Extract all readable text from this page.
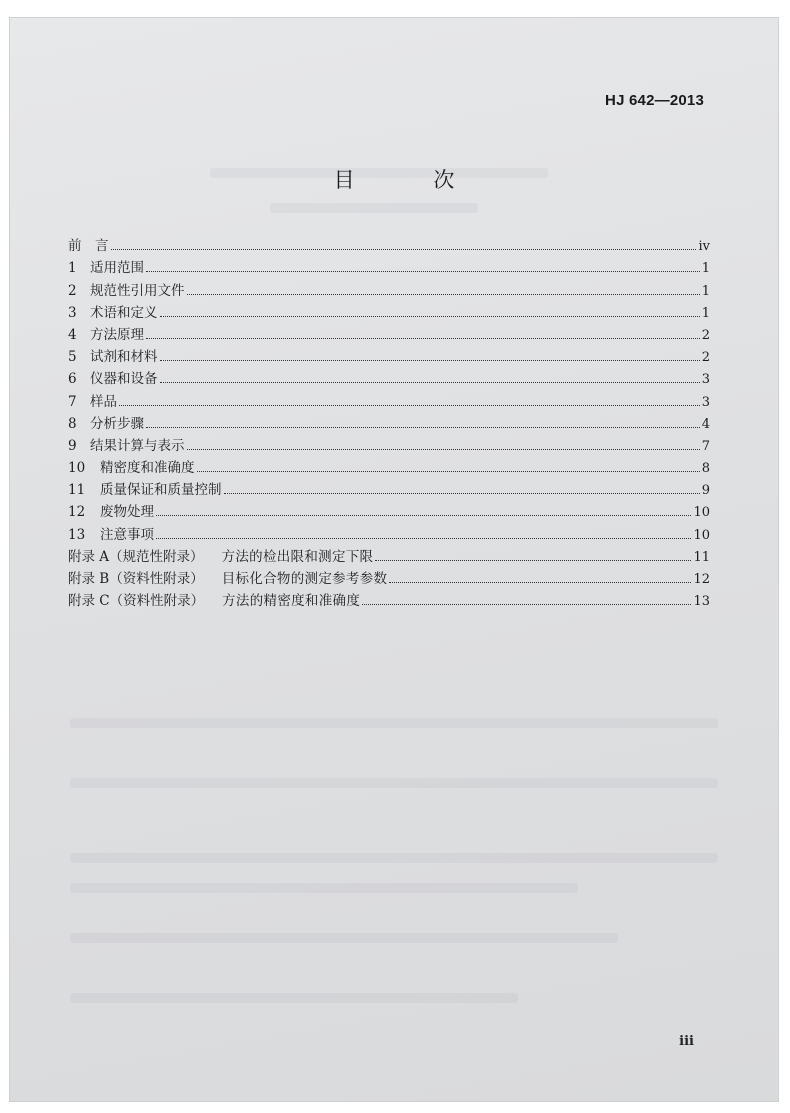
HJ 642—2013
目 次
前　言	iv
1 适用范围	1
2 规范性引用文件	1
3 术语和定义	1
4 方法原理	2
5 试剂和材料	2
6 仪器和设备	3
7 样品	3
8 分析步骤	4
9 结果计算与表示	7
10	精密度和准确度	8
11	质量保证和质量控制	9
12	废物处理	10
13	注意事项	10
附录 A（规范性附录） 方法的检出限和测定下限	11
附录 B（资料性附录） 目标化合物的测定参考参数	12
附录 C（资料性附录） 方法的精密度和准确度	13
iii
